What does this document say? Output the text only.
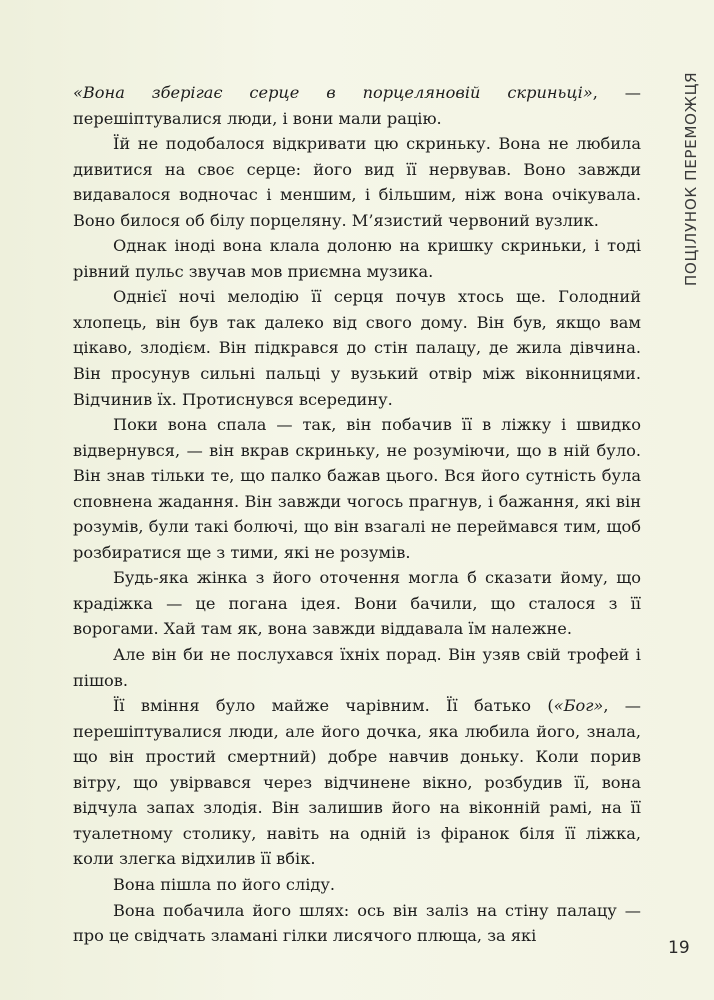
ПОЦІЛУНОК ПЕРЕМОЖЦЯ

«Вона зберігає серце в порцеляновій скриньці», — перешіптувалися люди, і вони мали рацію.

Їй не подобалося відкривати цю скриньку. Вона не любила дивитися на своє серце: його вид її нервував. Воно завжди видавалося водночас і меншим, і більшим, ніж вона очікувала. Воно билося об білу порцеляну. М’язистий червоний вузлик.

Однак іноді вона клала долоню на кришку скриньки, і тоді рівний пульс звучав мов приємна музика.

Однієї ночі мелодію її серця почув хтось ще. Голодний хлопець, він був так далеко від свого дому. Він був, якщо вам цікаво, злодієм. Він підкрався до стін палацу, де жила дівчина. Він просунув сильні пальці у вузький отвір між віконницями. Відчинив їх. Протиснувся всередину.

Поки вона спала — так, він побачив її в ліжку і швидко відвернувся, — він вкрав скриньку, не розуміючи, що в ній було. Він знав тільки те, що палко бажав цього. Вся його сутність була сповнена жадання. Він завжди чогось прагнув, і бажання, які він розумів, були такі болючі, що він взагалі не переймався тим, щоб розбиратися ще з тими, які не розумів.

Будь-яка жінка з його оточення могла б сказати йому, що крадіжка — це погана ідея. Вони бачили, що сталося з її ворогами. Хай там як, вона завжди віддавала їм належне.

Але він би не послухався їхніх порад. Він узяв свій трофей і пішов.

Її вміння було майже чарівним. Її батько («Бог», — перешіптувалися люди, але його дочка, яка любила його, знала, що він простий смертний) добре навчив доньку. Коли порив вітру, що увірвався через відчинене вікно, розбудив її, вона відчула запах злодія. Він залишив його на віконній рамі, на її туалетному столику, навіть на одній із фіранок біля її ліжка, коли злегка відхилив її вбік.

Вона пішла по його сліду.

Вона побачила його шлях: ось він заліз на стіну палацу — про це свідчать зламані гілки лисячого плюща, за які

19
